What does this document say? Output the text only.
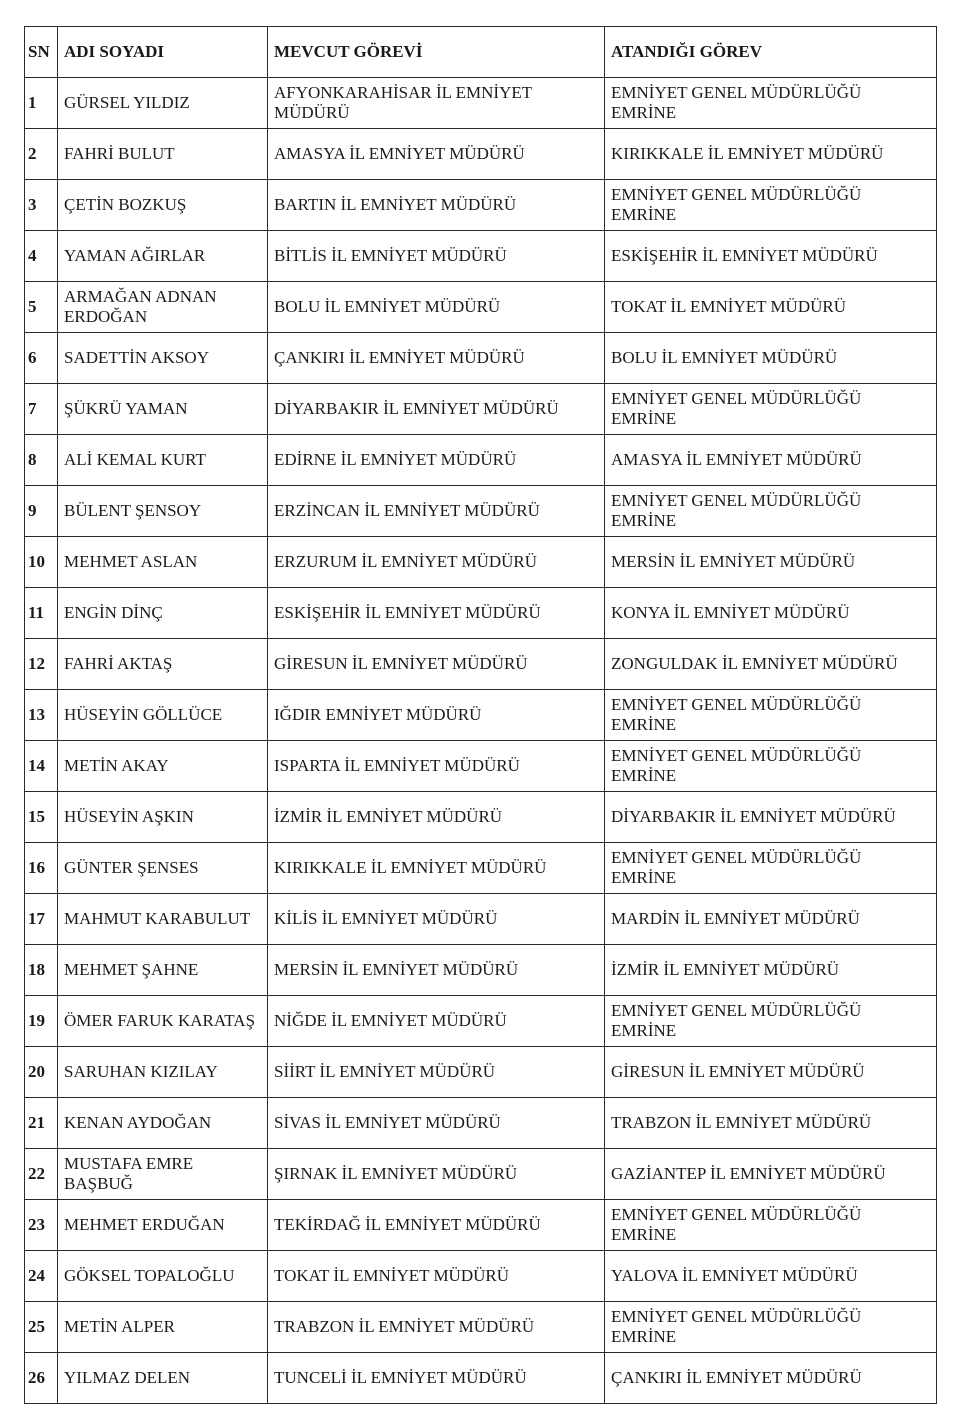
SN	ADI SOYADI	MEVCUT GÖREVİ	ATANDIĞI GÖREV
1	GÜRSEL YILDIZ	AFYONKARAHİSAR İL EMNİYET MÜDÜRÜ	EMNİYET GENEL MÜDÜRLÜĞÜ EMRİNE
2	FAHRİ BULUT	AMASYA İL EMNİYET MÜDÜRÜ	KIRIKKALE İL EMNİYET MÜDÜRÜ
3	ÇETİN BOZKUŞ	BARTIN İL EMNİYET MÜDÜRÜ	EMNİYET GENEL MÜDÜRLÜĞÜ EMRİNE
4	YAMAN AĞIRLAR	BİTLİS İL EMNİYET MÜDÜRÜ	ESKİŞEHİR İL EMNİYET MÜDÜRÜ
5	ARMAĞAN ADNAN ERDOĞAN	BOLU İL EMNİYET MÜDÜRÜ	TOKAT İL EMNİYET MÜDÜRÜ
6	SADETTİN AKSOY	ÇANKIRI İL EMNİYET MÜDÜRÜ	BOLU İL EMNİYET MÜDÜRÜ
7	ŞÜKRÜ YAMAN	DİYARBAKIR İL EMNİYET MÜDÜRÜ	EMNİYET GENEL MÜDÜRLÜĞÜ EMRİNE
8	ALİ KEMAL KURT	EDİRNE İL EMNİYET MÜDÜRÜ	AMASYA İL EMNİYET MÜDÜRÜ
9	BÜLENT ŞENSOY	ERZİNCAN İL EMNİYET MÜDÜRÜ	EMNİYET GENEL MÜDÜRLÜĞÜ EMRİNE
10	MEHMET ASLAN	ERZURUM İL EMNİYET MÜDÜRÜ	MERSİN İL EMNİYET MÜDÜRÜ
11	ENGİN DİNÇ	ESKİŞEHİR İL EMNİYET MÜDÜRÜ	KONYA İL EMNİYET MÜDÜRÜ
12	FAHRİ AKTAŞ	GİRESUN İL EMNİYET MÜDÜRÜ	ZONGULDAK İL EMNİYET MÜDÜRÜ
13	HÜSEYİN GÖLLÜCE	IĞDIR EMNİYET MÜDÜRÜ	EMNİYET GENEL MÜDÜRLÜĞÜ EMRİNE
14	METİN AKAY	ISPARTA İL EMNİYET MÜDÜRÜ	EMNİYET GENEL MÜDÜRLÜĞÜ EMRİNE
15	HÜSEYİN AŞKIN	İZMİR İL EMNİYET MÜDÜRÜ	DİYARBAKIR İL EMNİYET MÜDÜRÜ
16	GÜNTER ŞENSES	KIRIKKALE İL EMNİYET MÜDÜRÜ	EMNİYET GENEL MÜDÜRLÜĞÜ EMRİNE
17	MAHMUT KARABULUT	KİLİS İL EMNİYET MÜDÜRÜ	MARDİN İL EMNİYET MÜDÜRÜ
18	MEHMET ŞAHNE	MERSİN İL EMNİYET MÜDÜRÜ	İZMİR İL EMNİYET MÜDÜRÜ
19	ÖMER FARUK KARATAŞ	NİĞDE İL EMNİYET MÜDÜRÜ	EMNİYET GENEL MÜDÜRLÜĞÜ EMRİNE
20	SARUHAN KIZILAY	SİİRT İL EMNİYET MÜDÜRÜ	GİRESUN İL EMNİYET MÜDÜRÜ
21	KENAN AYDOĞAN	SİVAS İL EMNİYET MÜDÜRÜ	TRABZON İL EMNİYET MÜDÜRÜ
22	MUSTAFA EMRE BAŞBUĞ	ŞIRNAK İL EMNİYET MÜDÜRÜ	GAZİANTEP İL EMNİYET MÜDÜRÜ
23	MEHMET ERDUĞAN	TEKİRDAĞ İL EMNİYET MÜDÜRÜ	EMNİYET GENEL MÜDÜRLÜĞÜ EMRİNE
24	GÖKSEL TOPALOĞLU	TOKAT İL EMNİYET MÜDÜRÜ	YALOVA İL EMNİYET MÜDÜRÜ
25	METİN ALPER	TRABZON İL EMNİYET MÜDÜRÜ	EMNİYET GENEL MÜDÜRLÜĞÜ EMRİNE
26	YILMAZ DELEN	TUNCELİ İL EMNİYET MÜDÜRÜ	ÇANKIRI İL EMNİYET MÜDÜRÜ
